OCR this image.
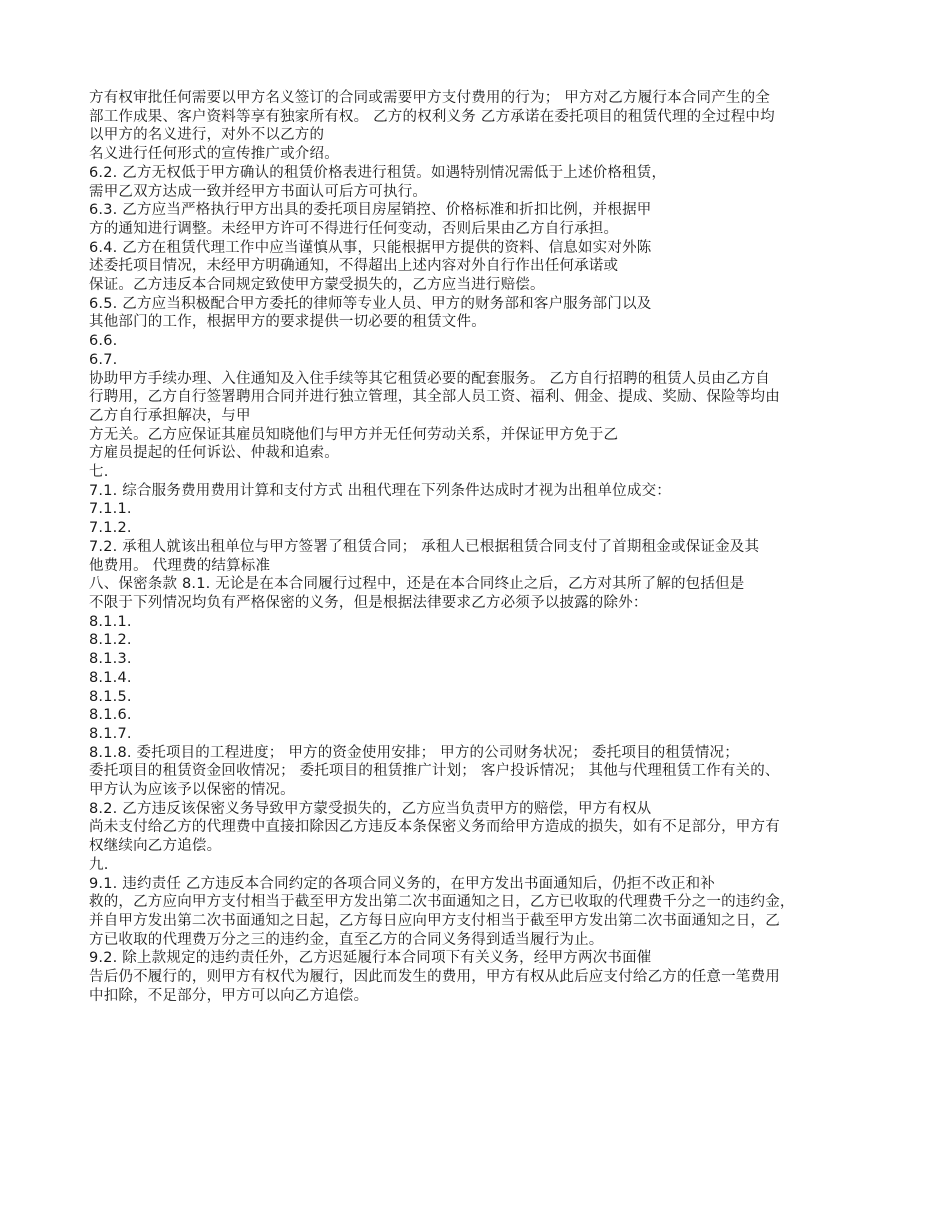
方有权审批任何需要以甲方名义签订的合同或需要甲方支付费用的行为； 甲方对乙方履行本合同产生的全
部工作成果、客户资料等享有独家所有权。 乙方的权利义务 乙方承诺在委托项目的租赁代理的全过程中均
以甲方的名义进行，对外不以乙方的
名义进行任何形式的宣传推广或介绍。
6.2. 乙方无权低于甲方确认的租赁价格表进行租赁。如遇特别情况需低于上述价格租赁，
需甲乙双方达成一致并经甲方书面认可后方可执行。
6.3. 乙方应当严格执行甲方出具的委托项目房屋销控、价格标准和折扣比例，并根据甲
方的通知进行调整。未经甲方许可不得进行任何变动，否则后果由乙方自行承担。
6.4. 乙方在租赁代理工作中应当谨慎从事，只能根据甲方提供的资料、信息如实对外陈
述委托项目情况，未经甲方明确通知，不得超出上述内容对外自行作出任何承诺或
保证。乙方违反本合同规定致使甲方蒙受损失的，乙方应当进行赔偿。
6.5. 乙方应当积极配合甲方委托的律师等专业人员、甲方的财务部和客户服务部门以及
其他部门的工作，根据甲方的要求提供一切必要的租赁文件。
6.6.
6.7.
协助甲方手续办理、入住通知及入住手续等其它租赁必要的配套服务。 乙方自行招聘的租赁人员由乙方自
行聘用，乙方自行签署聘用合同并进行独立管理，其全部人员工资、福利、佣金、提成、奖励、保险等均由
乙方自行承担解决，与甲
方无关。乙方应保证其雇员知晓他们与甲方并无任何劳动关系，并保证甲方免于乙
方雇员提起的任何诉讼、仲裁和追索。
七.
7.1. 综合服务费用费用计算和支付方式 出租代理在下列条件达成时才视为出租单位成交：
7.1.1.
7.1.2.
7.2. 承租人就该出租单位与甲方签署了租赁合同； 承租人已根据租赁合同支付了首期租金或保证金及其
他费用。 代理费的结算标准
八、保密条款 8.1. 无论是在本合同履行过程中，还是在本合同终止之后，乙方对其所了解的包括但是
不限于下列情况均负有严格保密的义务，但是根据法律要求乙方必须予以披露的除外：
8.1.1.
8.1.2.
8.1.3.
8.1.4.
8.1.5.
8.1.6.
8.1.7.
8.1.8. 委托项目的工程进度； 甲方的资金使用安排； 甲方的公司财务状况； 委托项目的租赁情况；
委托项目的租赁资金回收情况； 委托项目的租赁推广计划； 客户投诉情况； 其他与代理租赁工作有关的、
甲方认为应该予以保密的情况。
8.2. 乙方违反该保密义务导致甲方蒙受损失的，乙方应当负责甲方的赔偿，甲方有权从
尚未支付给乙方的代理费中直接扣除因乙方违反本条保密义务而给甲方造成的损失，如有不足部分，甲方有
权继续向乙方追偿。
九.
9.1. 违约责任 乙方违反本合同约定的各项合同义务的，在甲方发出书面通知后，仍拒不改正和补
救的，乙方应向甲方支付相当于截至甲方发出第二次书面通知之日，乙方已收取的代理费千分之一的违约金，
并自甲方发出第二次书面通知之日起，乙方每日应向甲方支付相当于截至甲方发出第二次书面通知之日，乙
方已收取的代理费万分之三的违约金，直至乙方的合同义务得到适当履行为止。
9.2. 除上款规定的违约责任外，乙方迟延履行本合同项下有关义务，经甲方两次书面催
告后仍不履行的，则甲方有权代为履行，因此而发生的费用，甲方有权从此后应支付给乙方的任意一笔费用
中扣除，不足部分，甲方可以向乙方追偿。
